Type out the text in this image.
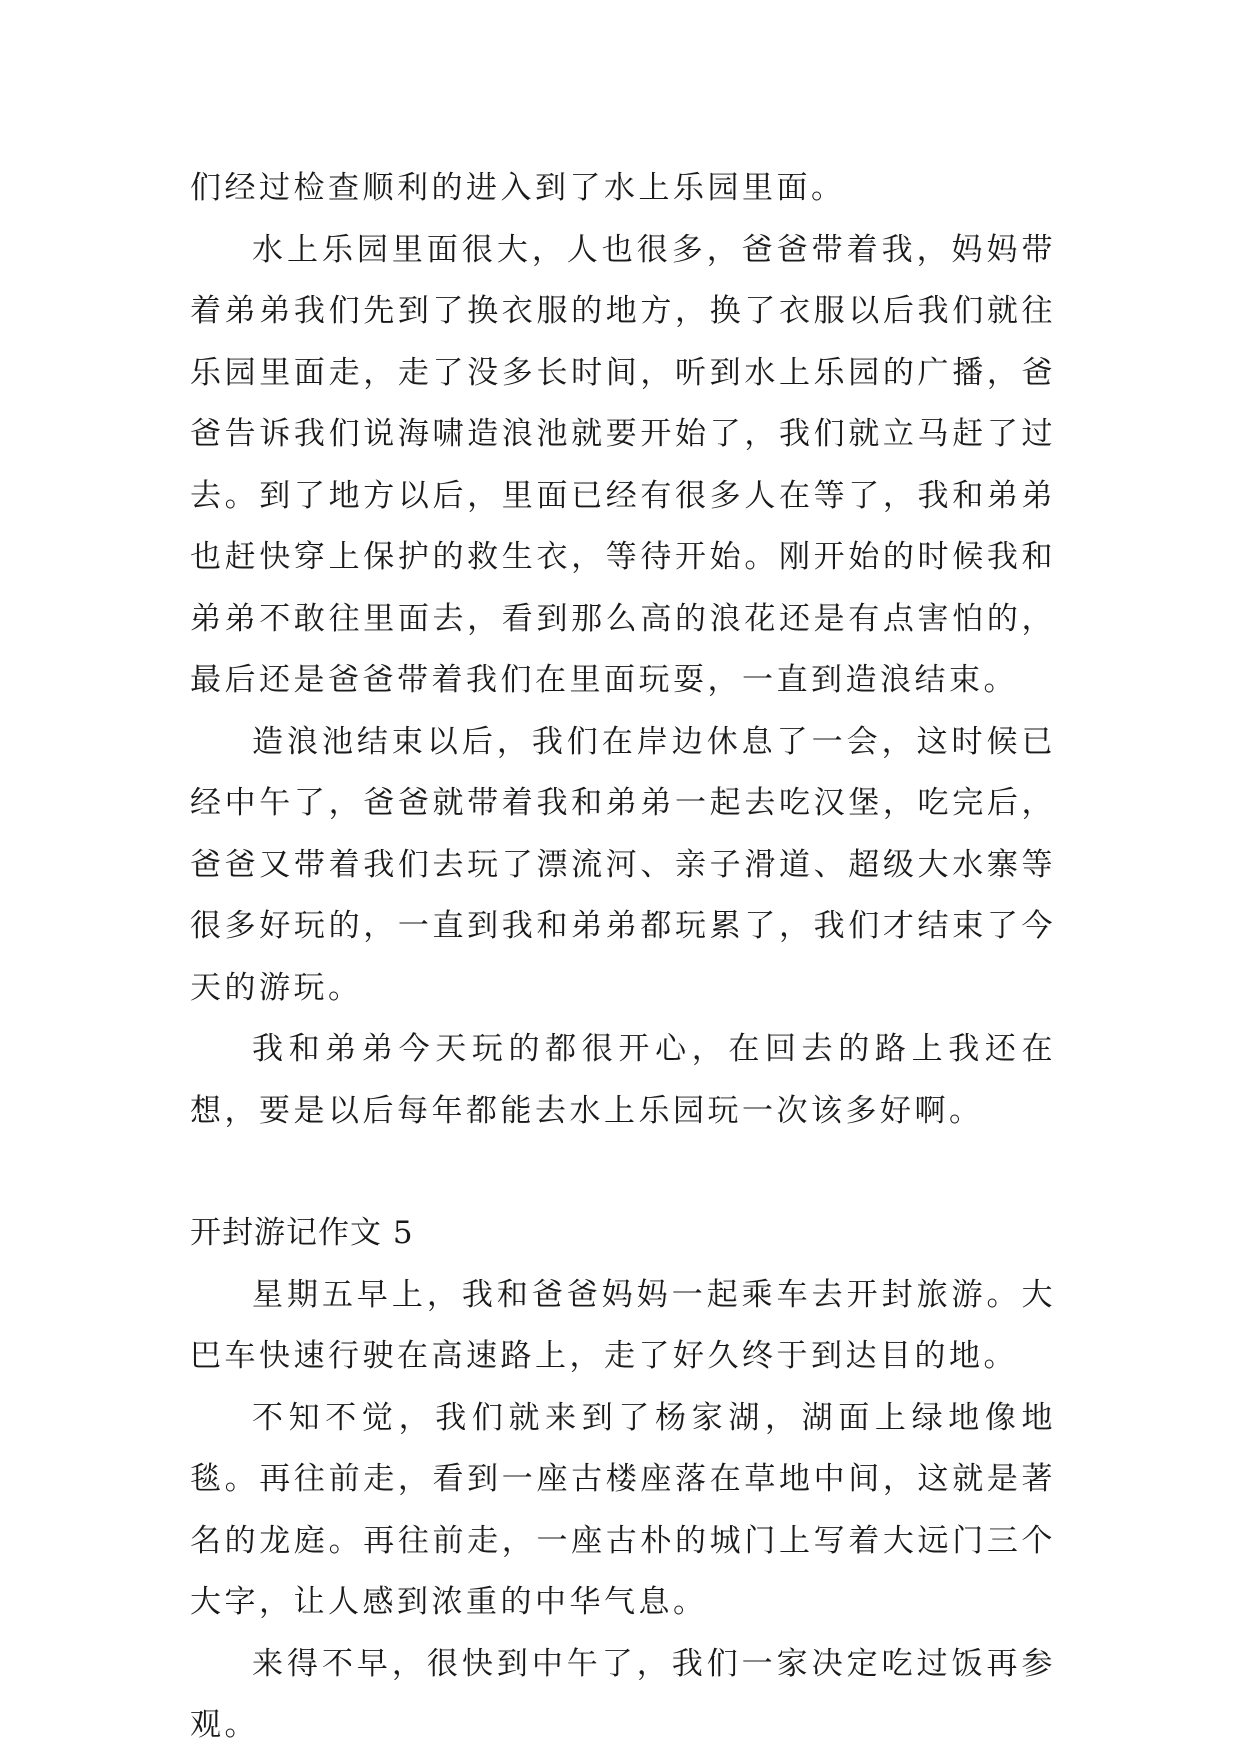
们经过检查顺利的进入到了水上乐园里面。

水上乐园里面很大，人也很多，爸爸带着我，妈妈带着弟弟我们先到了换衣服的地方，换了衣服以后我们就往乐园里面走，走了没多长时间，听到水上乐园的广播，爸爸告诉我们说海啸造浪池就要开始了，我们就立马赶了过去。到了地方以后，里面已经有很多人在等了，我和弟弟也赶快穿上保护的救生衣，等待开始。刚开始的时候我和弟弟不敢往里面去，看到那么高的浪花还是有点害怕的，最后还是爸爸带着我们在里面玩耍，一直到造浪结束。

造浪池结束以后，我们在岸边休息了一会，这时候已经中午了，爸爸就带着我和弟弟一起去吃汉堡，吃完后，爸爸又带着我们去玩了漂流河、亲子滑道、超级大水寨等很多好玩的，一直到我和弟弟都玩累了，我们才结束了今天的游玩。

我和弟弟今天玩的都很开心，在回去的路上我还在想，要是以后每年都能去水上乐园玩一次该多好啊。

开封游记作文 5

星期五早上，我和爸爸妈妈一起乘车去开封旅游。大巴车快速行驶在高速路上，走了好久终于到达目的地。

不知不觉，我们就来到了杨家湖，湖面上绿地像地毯。再往前走，看到一座古楼座落在草地中间，这就是著名的龙庭。再往前走，一座古朴的城门上写着大远门三个大字，让人感到浓重的中华气息。

来得不早，很快到中午了，我们一家决定吃过饭再参观。
